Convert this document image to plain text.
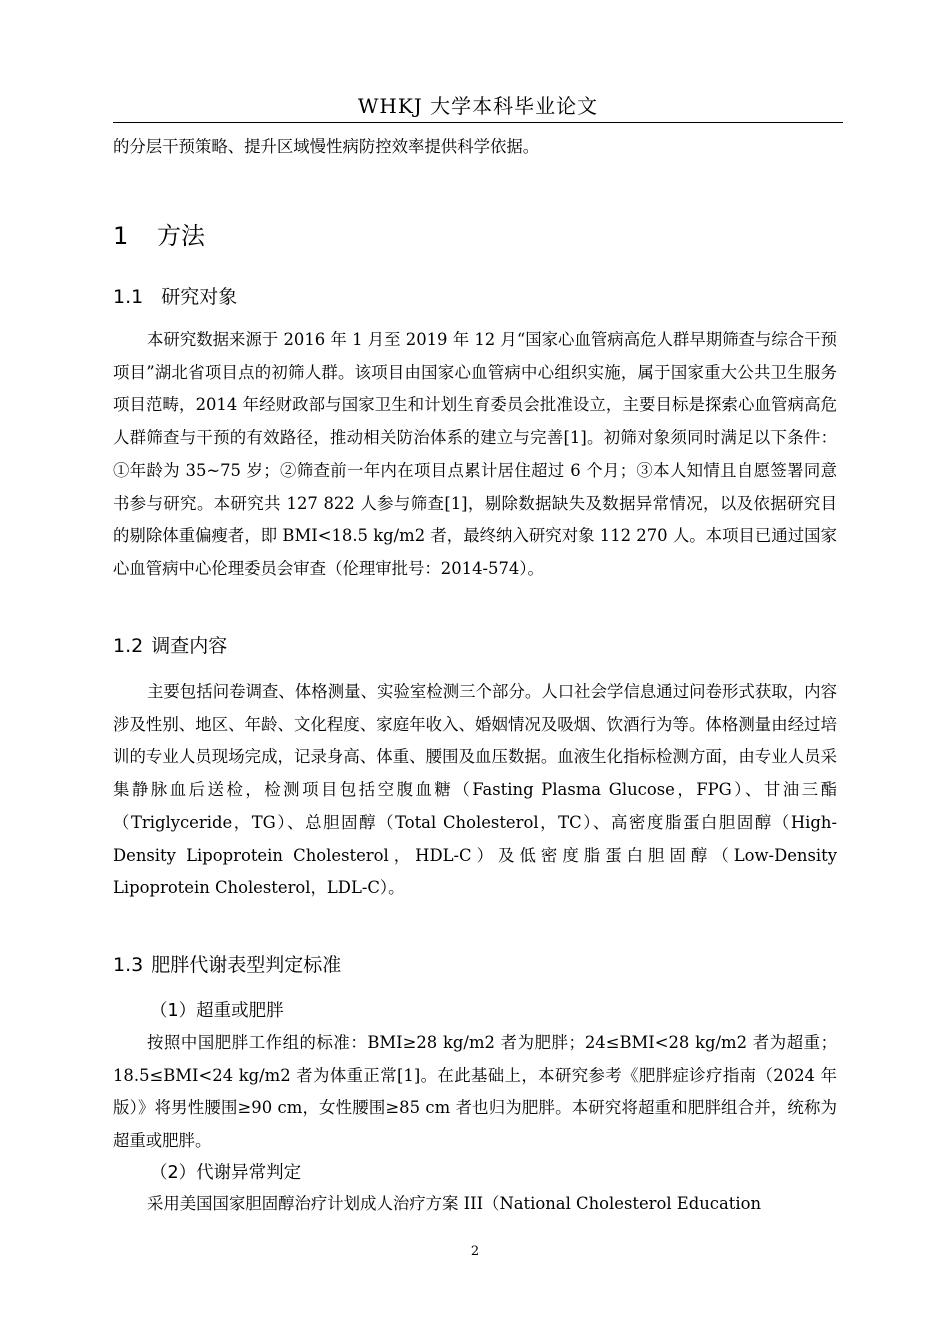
WHKJ 大学本科毕业论文
的分层干预策略、提升区域慢性病防控效率提供科学依据。
1 方法
1.1 研究对象
本研究数据来源于 2016 年 1 月至 2019 年 12 月“国家心血管病高危人群早期筛查与综合干预项目”湖北省项目点的初筛人群。该项目由国家心血管病中心组织实施，属于国家重大公共卫生服务项目范畴，2014 年经财政部与国家卫生和计划生育委员会批准设立，主要目标是探索心血管病高危人群筛查与干预的有效路径，推动相关防治体系的建立与完善[1]。初筛对象须同时满足以下条件：①年龄为 35~75 岁；②筛查前一年内在项目点累计居住超过 6 个月；③本人知情且自愿签署同意书参与研究。本研究共 127 822 人参与筛查[1]，剔除数据缺失及数据异常情况，以及依据研究目的剔除体重偏瘦者，即 BMI<18.5 kg/m2 者，最终纳入研究对象 112 270 人。本项目已通过国家心血管病中心伦理委员会审查（伦理审批号：2014-574）。
1.2 调查内容
主要包括问卷调查、体格测量、实验室检测三个部分。人口社会学信息通过问卷形式获取，内容涉及性别、地区、年龄、文化程度、家庭年收入、婚姻情况及吸烟、饮酒行为等。体格测量由经过培训的专业人员现场完成，记录身高、体重、腰围及血压数据。血液生化指标检测方面，由专业人员采集静脉血后送检，检测项目包括空腹血糖（Fasting Plasma Glucose，FPG）、甘油三酯（Triglyceride，TG）、总胆固醇（Total Cholesterol，TC）、高密度脂蛋白胆固醇（High-Density Lipoprotein Cholesterol，HDL-C）及低密度脂蛋白胆固醇（Low-Density Lipoprotein Cholesterol，LDL-C）。
1.3 肥胖代谢表型判定标准
（1）超重或肥胖
按照中国肥胖工作组的标准：BMI≥28 kg/m2 者为肥胖；24≤BMI<28 kg/m2 者为超重；18.5≤BMI<24 kg/m2 者为体重正常[1]。在此基础上，本研究参考《肥胖症诊疗指南（2024 年版）》将男性腰围≥90 cm，女性腰围≥85 cm 者也归为肥胖。本研究将超重和肥胖组合并，统称为超重或肥胖。
（2）代谢异常判定
采用美国国家胆固醇治疗计划成人治疗方案 III（National Cholesterol Education
2
